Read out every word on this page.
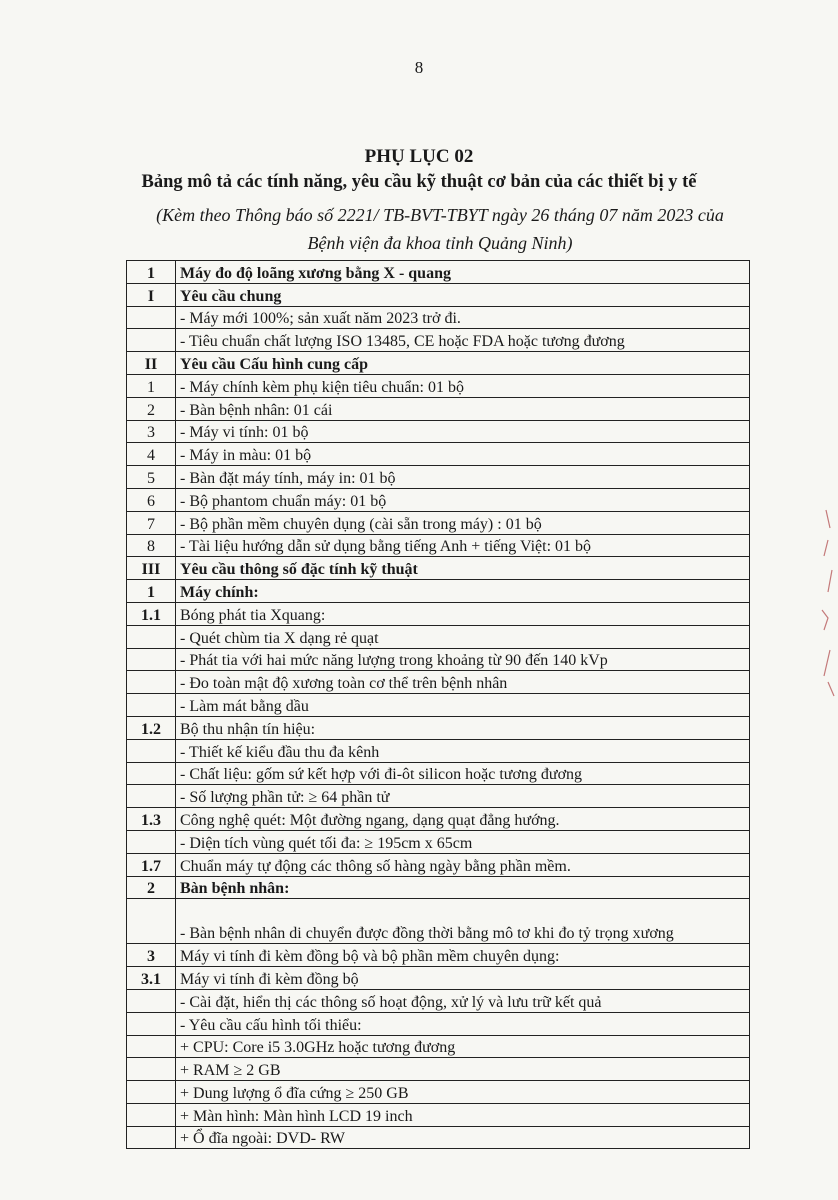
8
PHỤ LỤC 02
Bảng mô tả các tính năng, yêu cầu kỹ thuật cơ bản của các thiết bị y tế
(Kèm theo Thông báo số 2221/ TB-BVT-TBYT ngày 26 tháng 07 năm 2023 của
Bệnh viện đa khoa tỉnh Quảng Ninh)
1	Máy đo độ loãng xương bằng X - quang
I	Yêu cầu chung
	- Máy mới 100%; sản xuất năm 2023 trở đi.
	- Tiêu chuẩn chất lượng ISO 13485, CE hoặc FDA hoặc tương đương
II	Yêu cầu Cấu hình cung cấp
1	- Máy chính kèm phụ kiện tiêu chuẩn: 01 bộ
2	- Bàn bệnh nhân: 01 cái
3	- Máy vi tính: 01 bộ
4	- Máy in màu: 01 bộ
5	- Bàn đặt máy tính, máy in: 01 bộ
6	- Bộ phantom chuẩn máy: 01 bộ
7	- Bộ phần mềm chuyên dụng (cài sẵn trong máy) : 01 bộ
8	- Tài liệu hướng dẫn sử dụng bằng tiếng Anh + tiếng Việt: 01 bộ
III	Yêu cầu thông số đặc tính kỹ thuật
1	Máy chính:
1.1	Bóng phát tia Xquang:
	- Quét chùm tia X dạng rẻ quạt
	- Phát tia với hai mức năng lượng trong khoảng từ 90 đến 140 kVp
	- Đo toàn mật độ xương toàn cơ thể trên bệnh nhân
	- Làm mát bằng dầu
1.2	Bộ thu nhận tín hiệu:
	- Thiết kế kiểu đầu thu đa kênh
	- Chất liệu: gốm sứ kết hợp với đi-ôt silicon hoặc tương đương
	- Số lượng phần tử: ≥ 64 phần tử
1.3	Công nghệ quét: Một đường ngang, dạng quạt đẳng hướng.
	- Diện tích vùng quét tối đa: ≥ 195cm x 65cm
1.7	Chuẩn máy tự động các thông số hàng ngày bằng phần mềm.
2	Bàn bệnh nhân:
	- Bàn bệnh nhân di chuyển được đồng thời bằng mô tơ khi đo tỷ trọng xương
3	Máy vi tính đi kèm đồng bộ và bộ phần mềm chuyên dụng:
3.1	Máy vi tính đi kèm đồng bộ
	- Cài đặt, hiển thị các thông số hoạt động, xử lý và lưu trữ kết quả
	- Yêu cầu cấu hình tối thiểu:
	+ CPU: Core i5 3.0GHz hoặc tương đương
	+ RAM ≥ 2 GB
	+ Dung lượng ổ đĩa cứng ≥ 250 GB
	+ Màn hình: Màn hình LCD 19 inch
	+ Ổ đĩa ngoài: DVD- RW
